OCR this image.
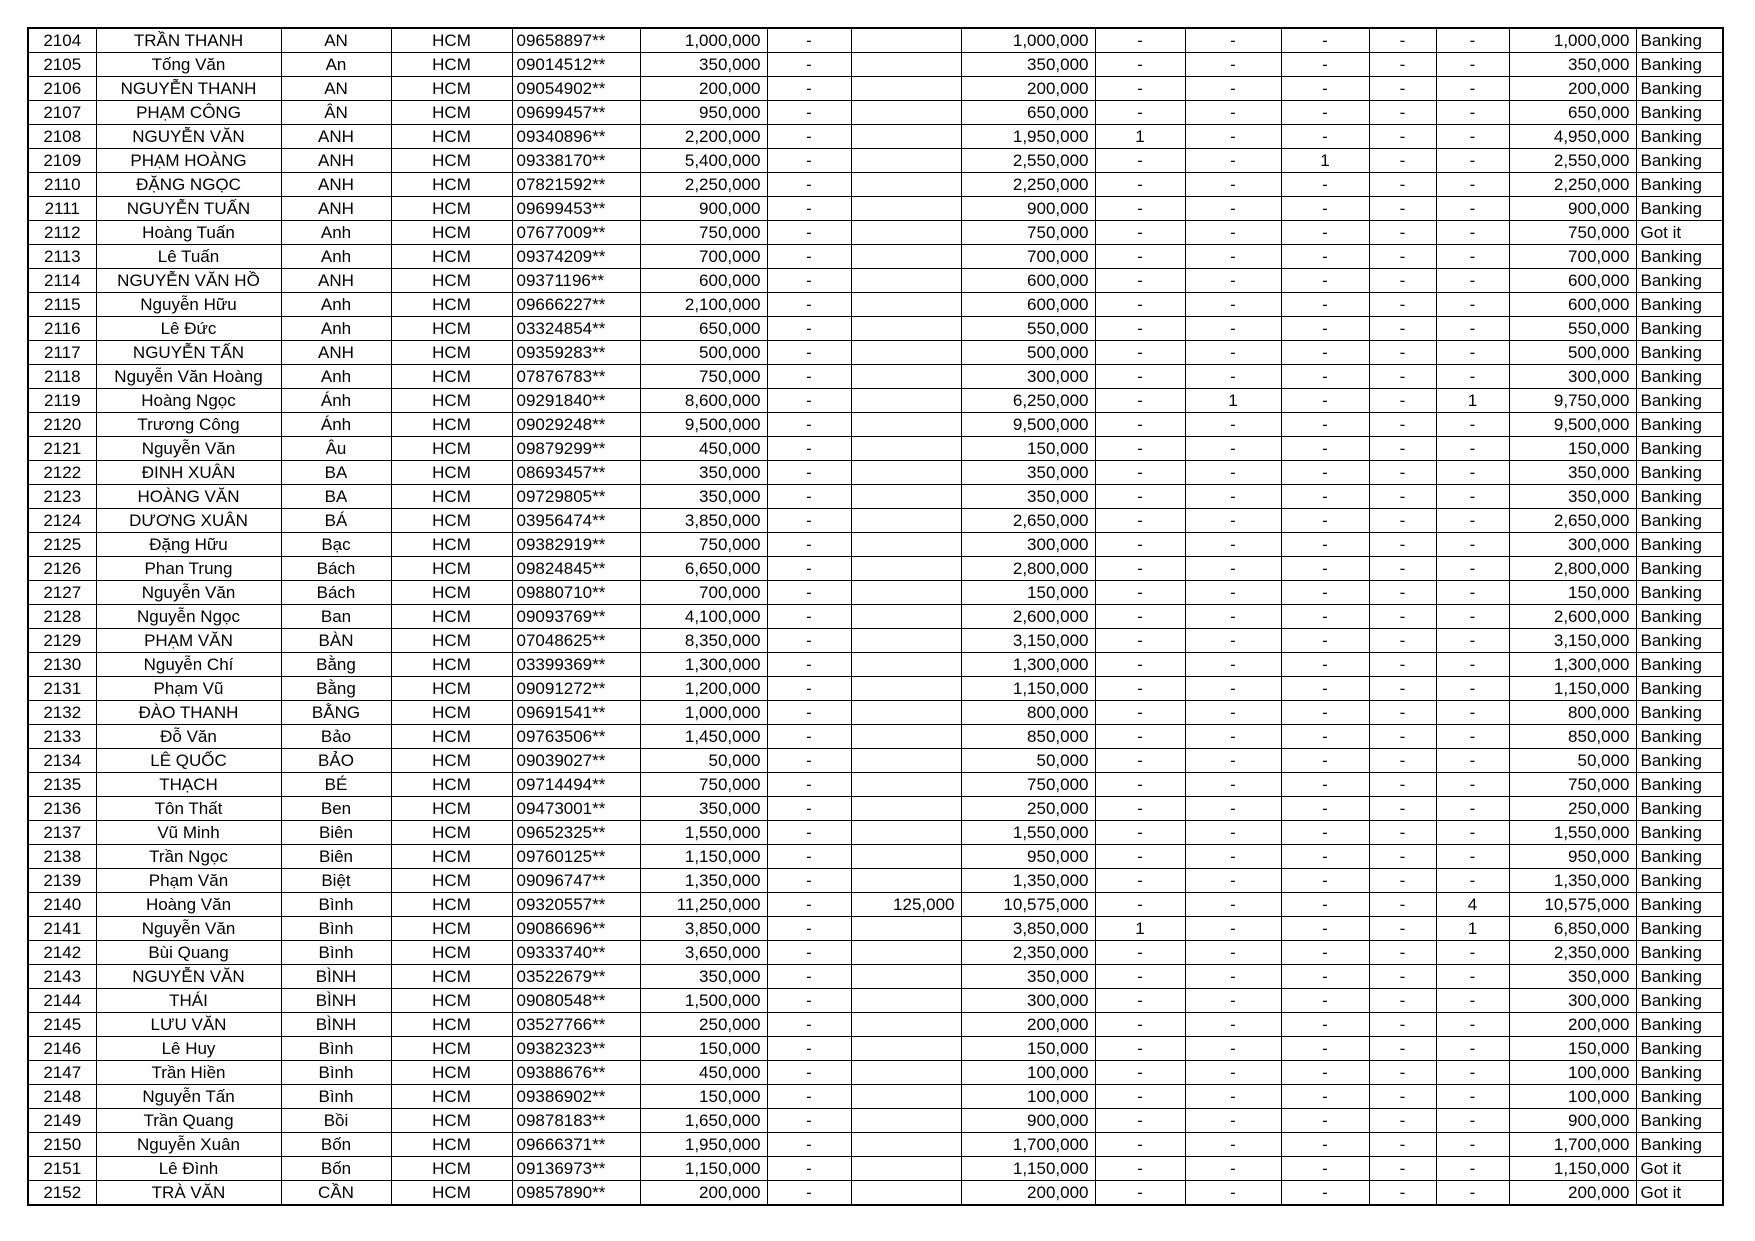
2104	TRẦN THANH	AN	HCM	09658897**	1,000,000	-		1,000,000	-	-	-	-	-	1,000,000	Banking
2105	Tống Văn	An	HCM	09014512**	350,000	-		350,000	-	-	-	-	-	350,000	Banking
2106	NGUYỄN THANH	AN	HCM	09054902**	200,000	-		200,000	-	-	-	-	-	200,000	Banking
2107	PHẠM CÔNG	ÂN	HCM	09699457**	950,000	-		650,000	-	-	-	-	-	650,000	Banking
2108	NGUYỄN VĂN	ANH	HCM	09340896**	2,200,000	-		1,950,000	1	-	-	-	-	4,950,000	Banking
2109	PHẠM HOÀNG	ANH	HCM	09338170**	5,400,000	-		2,550,000	-	-	1	-	-	2,550,000	Banking
2110	ĐẶNG NGỌC	ANH	HCM	07821592**	2,250,000	-		2,250,000	-	-	-	-	-	2,250,000	Banking
2111	NGUYỄN TUẤN	ANH	HCM	09699453**	900,000	-		900,000	-	-	-	-	-	900,000	Banking
2112	Hoàng Tuấn	Anh	HCM	07677009**	750,000	-		750,000	-	-	-	-	-	750,000	Got it
2113	Lê Tuấn	Anh	HCM	09374209**	700,000	-		700,000	-	-	-	-	-	700,000	Banking
2114	NGUYỄN VĂN HỒ	ANH	HCM	09371196**	600,000	-		600,000	-	-	-	-	-	600,000	Banking
2115	Nguyễn Hữu	Anh	HCM	09666227**	2,100,000	-		600,000	-	-	-	-	-	600,000	Banking
2116	Lê Đức	Anh	HCM	03324854**	650,000	-		550,000	-	-	-	-	-	550,000	Banking
2117	NGUYỄN TẤN	ANH	HCM	09359283**	500,000	-		500,000	-	-	-	-	-	500,000	Banking
2118	Nguyễn Văn Hoàng	Anh	HCM	07876783**	750,000	-		300,000	-	-	-	-	-	300,000	Banking
2119	Hoàng Ngọc	Ánh	HCM	09291840**	8,600,000	-		6,250,000	-	1	-	-	1	9,750,000	Banking
2120	Trương Công	Ánh	HCM	09029248**	9,500,000	-		9,500,000	-	-	-	-	-	9,500,000	Banking
2121	Nguyễn Văn	Âu	HCM	09879299**	450,000	-		150,000	-	-	-	-	-	150,000	Banking
2122	ĐINH XUÂN	BA	HCM	08693457**	350,000	-		350,000	-	-	-	-	-	350,000	Banking
2123	HOÀNG VĂN	BA	HCM	09729805**	350,000	-		350,000	-	-	-	-	-	350,000	Banking
2124	DƯƠNG XUÂN	BÁ	HCM	03956474**	3,850,000	-		2,650,000	-	-	-	-	-	2,650,000	Banking
2125	Đặng Hữu	Bạc	HCM	09382919**	750,000	-		300,000	-	-	-	-	-	300,000	Banking
2126	Phan Trung	Bách	HCM	09824845**	6,650,000	-		2,800,000	-	-	-	-	-	2,800,000	Banking
2127	Nguyễn Văn	Bách	HCM	09880710**	700,000	-		150,000	-	-	-	-	-	150,000	Banking
2128	Nguyễn Ngọc	Ban	HCM	09093769**	4,100,000	-		2,600,000	-	-	-	-	-	2,600,000	Banking
2129	PHẠM VĂN	BÀN	HCM	07048625**	8,350,000	-		3,150,000	-	-	-	-	-	3,150,000	Banking
2130	Nguyễn Chí	Bằng	HCM	03399369**	1,300,000	-		1,300,000	-	-	-	-	-	1,300,000	Banking
2131	Phạm Vũ	Bằng	HCM	09091272**	1,200,000	-		1,150,000	-	-	-	-	-	1,150,000	Banking
2132	ĐÀO THANH	BẰNG	HCM	09691541**	1,000,000	-		800,000	-	-	-	-	-	800,000	Banking
2133	Đỗ Văn	Bảo	HCM	09763506**	1,450,000	-		850,000	-	-	-	-	-	850,000	Banking
2134	LÊ QUỐC	BẢO	HCM	09039027**	50,000	-		50,000	-	-	-	-	-	50,000	Banking
2135	THẠCH	BÉ	HCM	09714494**	750,000	-		750,000	-	-	-	-	-	750,000	Banking
2136	Tôn Thất	Ben	HCM	09473001**	350,000	-		250,000	-	-	-	-	-	250,000	Banking
2137	Vũ Minh	Biên	HCM	09652325**	1,550,000	-		1,550,000	-	-	-	-	-	1,550,000	Banking
2138	Trần Ngọc	Biên	HCM	09760125**	1,150,000	-		950,000	-	-	-	-	-	950,000	Banking
2139	Phạm Văn	Biệt	HCM	09096747**	1,350,000	-		1,350,000	-	-	-	-	-	1,350,000	Banking
2140	Hoàng Văn	Bình	HCM	09320557**	11,250,000	-	125,000	10,575,000	-	-	-	-	4	10,575,000	Banking
2141	Nguyễn Văn	Bình	HCM	09086696**	3,850,000	-		3,850,000	1	-	-	-	1	6,850,000	Banking
2142	Bùi Quang	Bình	HCM	09333740**	3,650,000	-		2,350,000	-	-	-	-	-	2,350,000	Banking
2143	NGUYỄN VĂN	BÌNH	HCM	03522679**	350,000	-		350,000	-	-	-	-	-	350,000	Banking
2144	THÁI	BÌNH	HCM	09080548**	1,500,000	-		300,000	-	-	-	-	-	300,000	Banking
2145	LƯU VĂN	BÌNH	HCM	03527766**	250,000	-		200,000	-	-	-	-	-	200,000	Banking
2146	Lê Huy	Bình	HCM	09382323**	150,000	-		150,000	-	-	-	-	-	150,000	Banking
2147	Trần Hiền	Bình	HCM	09388676**	450,000	-		100,000	-	-	-	-	-	100,000	Banking
2148	Nguyễn Tấn	Bình	HCM	09386902**	150,000	-		100,000	-	-	-	-	-	100,000	Banking
2149	Trần Quang	Bồi	HCM	09878183**	1,650,000	-		900,000	-	-	-	-	-	900,000	Banking
2150	Nguyễn Xuân	Bốn	HCM	09666371**	1,950,000	-		1,700,000	-	-	-	-	-	1,700,000	Banking
2151	Lê Đình	Bốn	HCM	09136973**	1,150,000	-		1,150,000	-	-	-	-	-	1,150,000	Got it
2152	TRÀ VĂN	CẦN	HCM	09857890**	200,000	-		200,000	-	-	-	-	-	200,000	Got it
